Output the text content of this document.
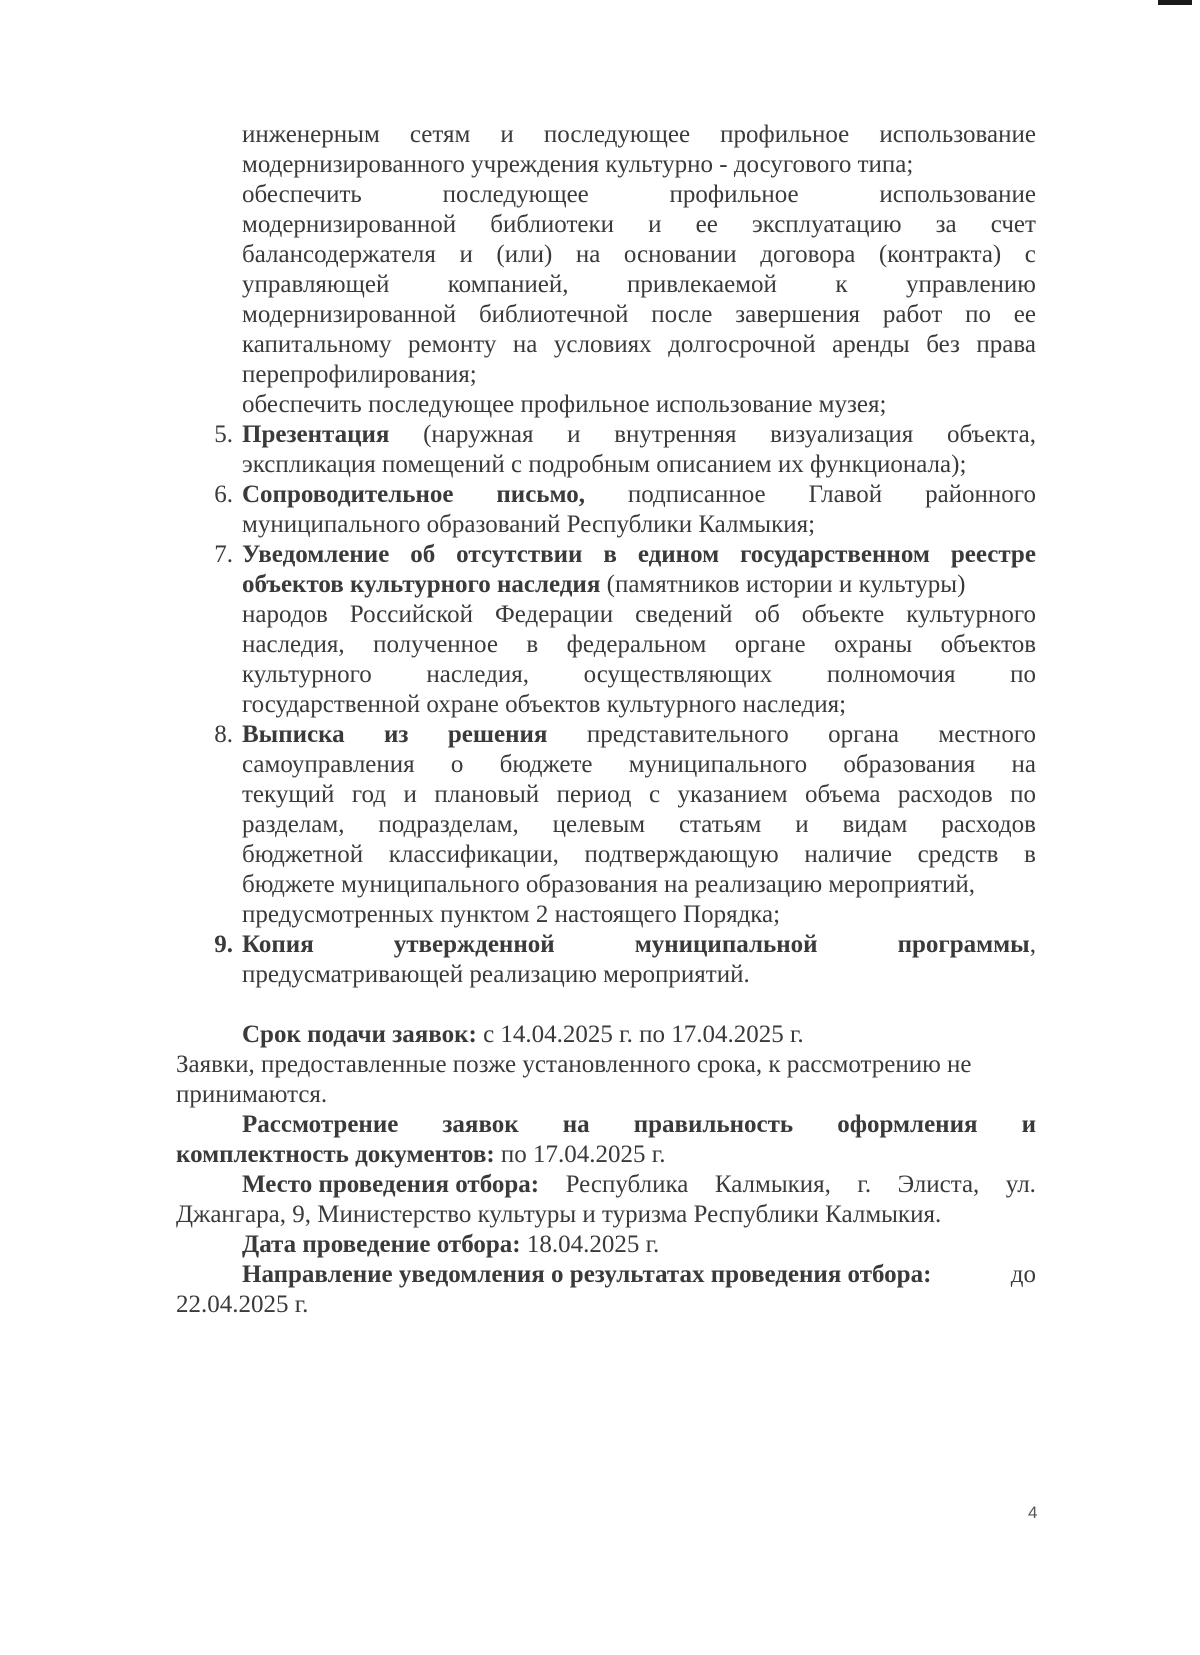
инженерным сетям и последующее профильное использование
модернизированного учреждения культурно - досугового типа;
обеспечить	последующее	профильное	использование
модернизированной библиотеки и ее эксплуатацию за счет
балансодержателя и (или) на основании договора (контракта) с
управляющей компанией, привлекаемой к управлению
модернизированной библиотечной после завершения работ по ее
капитальному ремонту на условиях долгосрочной аренды без права
перепрофилирования;
обеспечить последующее профильное использование музея;
5. Презентация (наружная и внутренняя визуализация объекта,
экспликация помещений с подробным описанием их функционала);
6. Сопроводительное письмо, подписанное Главой районного
муниципального образований Республики Калмыкия;
7. Уведомление об отсутствии в едином государственном реестре
объектов культурного наследия (памятников истории и культуры)
народов Российской Федерации сведений об объекте культурного
наследия, полученное в федеральном органе охраны объектов
культурного наследия, осуществляющих полномочия по
государственной охране объектов культурного наследия;
8. Выписка из решения представительного органа местного
самоуправления о бюджете муниципального образования на
текущий год и плановый период с указанием объема расходов по
разделам, подразделам, целевым статьям и видам расходов
бюджетной классификации, подтверждающую наличие средств в
бюджете муниципального образования на реализацию мероприятий,
предусмотренных пунктом 2 настоящего Порядка;
9. Копия	утвержденной	муниципальной	программы,
предусматривающей реализацию мероприятий.
Срок подачи заявок: с 14.04.2025 г. по 17.04.2025 г.
Заявки, предоставленные позже установленного срока, к рассмотрению не
принимаются.
Рассмотрение заявок на правильность оформления и
комплектность документов: по 17.04.2025 г.
Место проведения отбора: Республика Калмыкия, г. Элиста, ул.
Джангара, 9, Министерство культуры и туризма Республики Калмыкия.
Дата проведение отбора: 18.04.2025 г.
Направление уведомления о результатах проведения отбора:	до
22.04.2025 г.
4
